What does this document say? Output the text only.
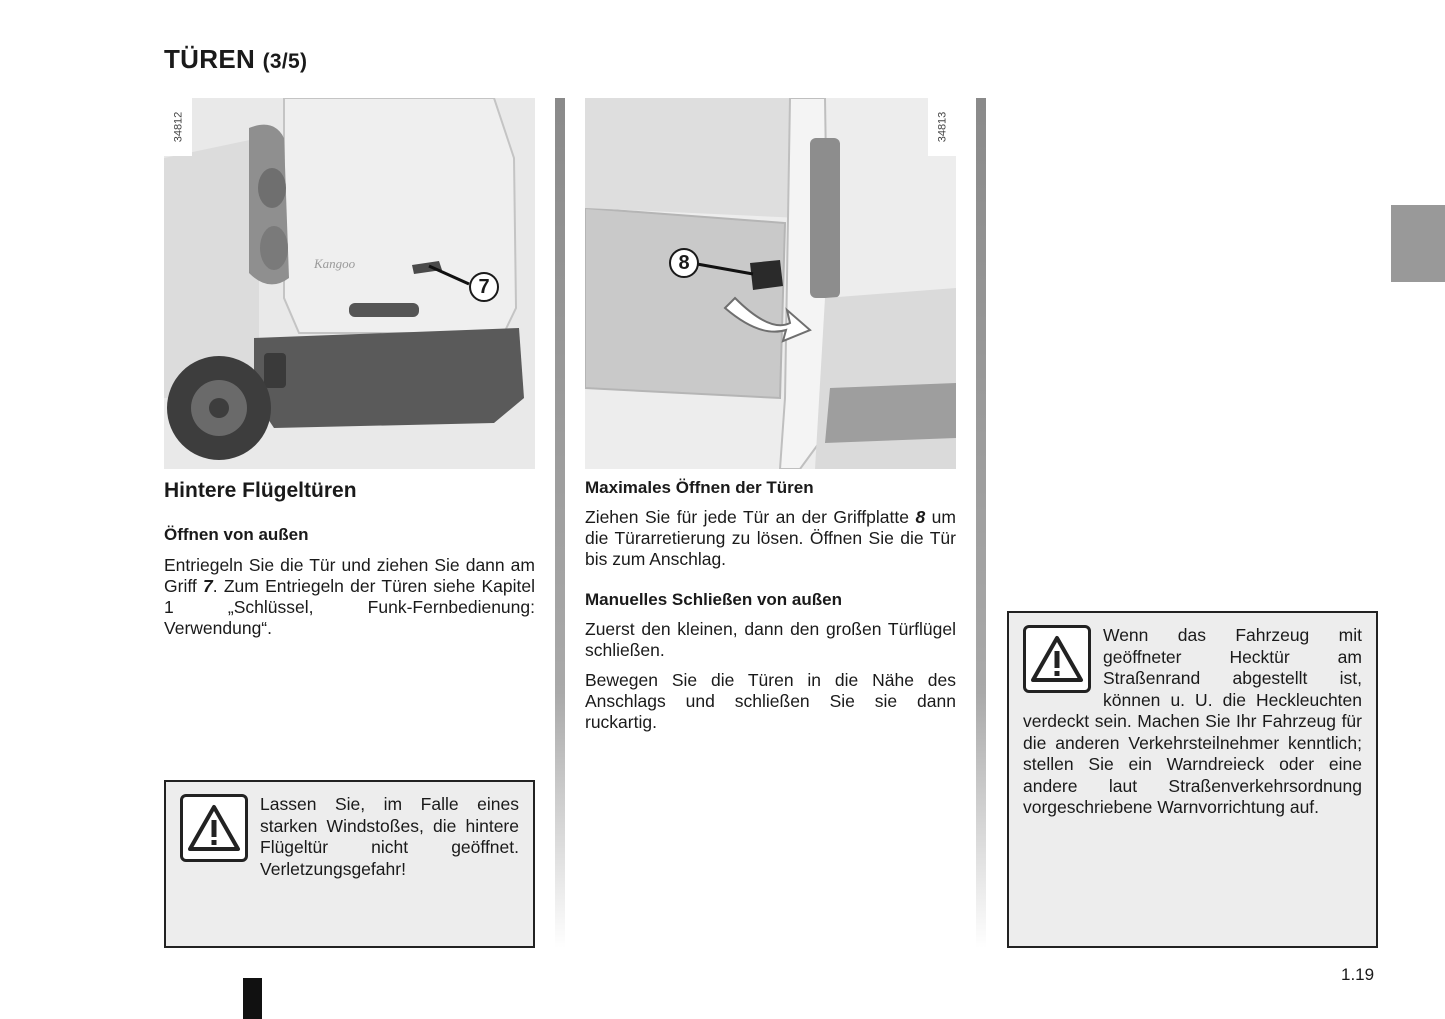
TÜREN (3/5)
Kangoo
34812
7
Hintere Flügeltüren
Öffnen von außen

Entriegeln Sie die Tür und ziehen Sie dann am Griff 7. Zum Entriegeln der Türen siehe Kapitel 1 „Schlüssel, Funk-Fernbedienung: Verwendung“.

Lassen Sie, im Falle eines starken Windstoßes, die hintere Flügeltür nicht geöffnet. Verletzungsgefahr!
34813
8
Maximales Öffnen der Türen

Ziehen Sie für jede Tür an der Griffplatte 8 um die Türarretierung zu lösen. Öffnen Sie die Tür bis zum Anschlag.

Manuelles Schließen von außen

Zuerst den kleinen, dann den großen Türflügel schließen.

Bewegen Sie die Türen in die Nähe des Anschlags und schließen Sie sie dann ruckartig.

Wenn das Fahrzeug mit geöffneter Hecktür am Straßenrand abgestellt ist, können u. U. die Heckleuchten verdeckt sein. Machen Sie Ihr Fahrzeug für die anderen Verkehrsteilnehmer kenntlich; stellen Sie ein Warndreieck oder eine andere laut Straßenverkehrsordnung vorgeschriebene Warnvorrichtung auf.
1.19
